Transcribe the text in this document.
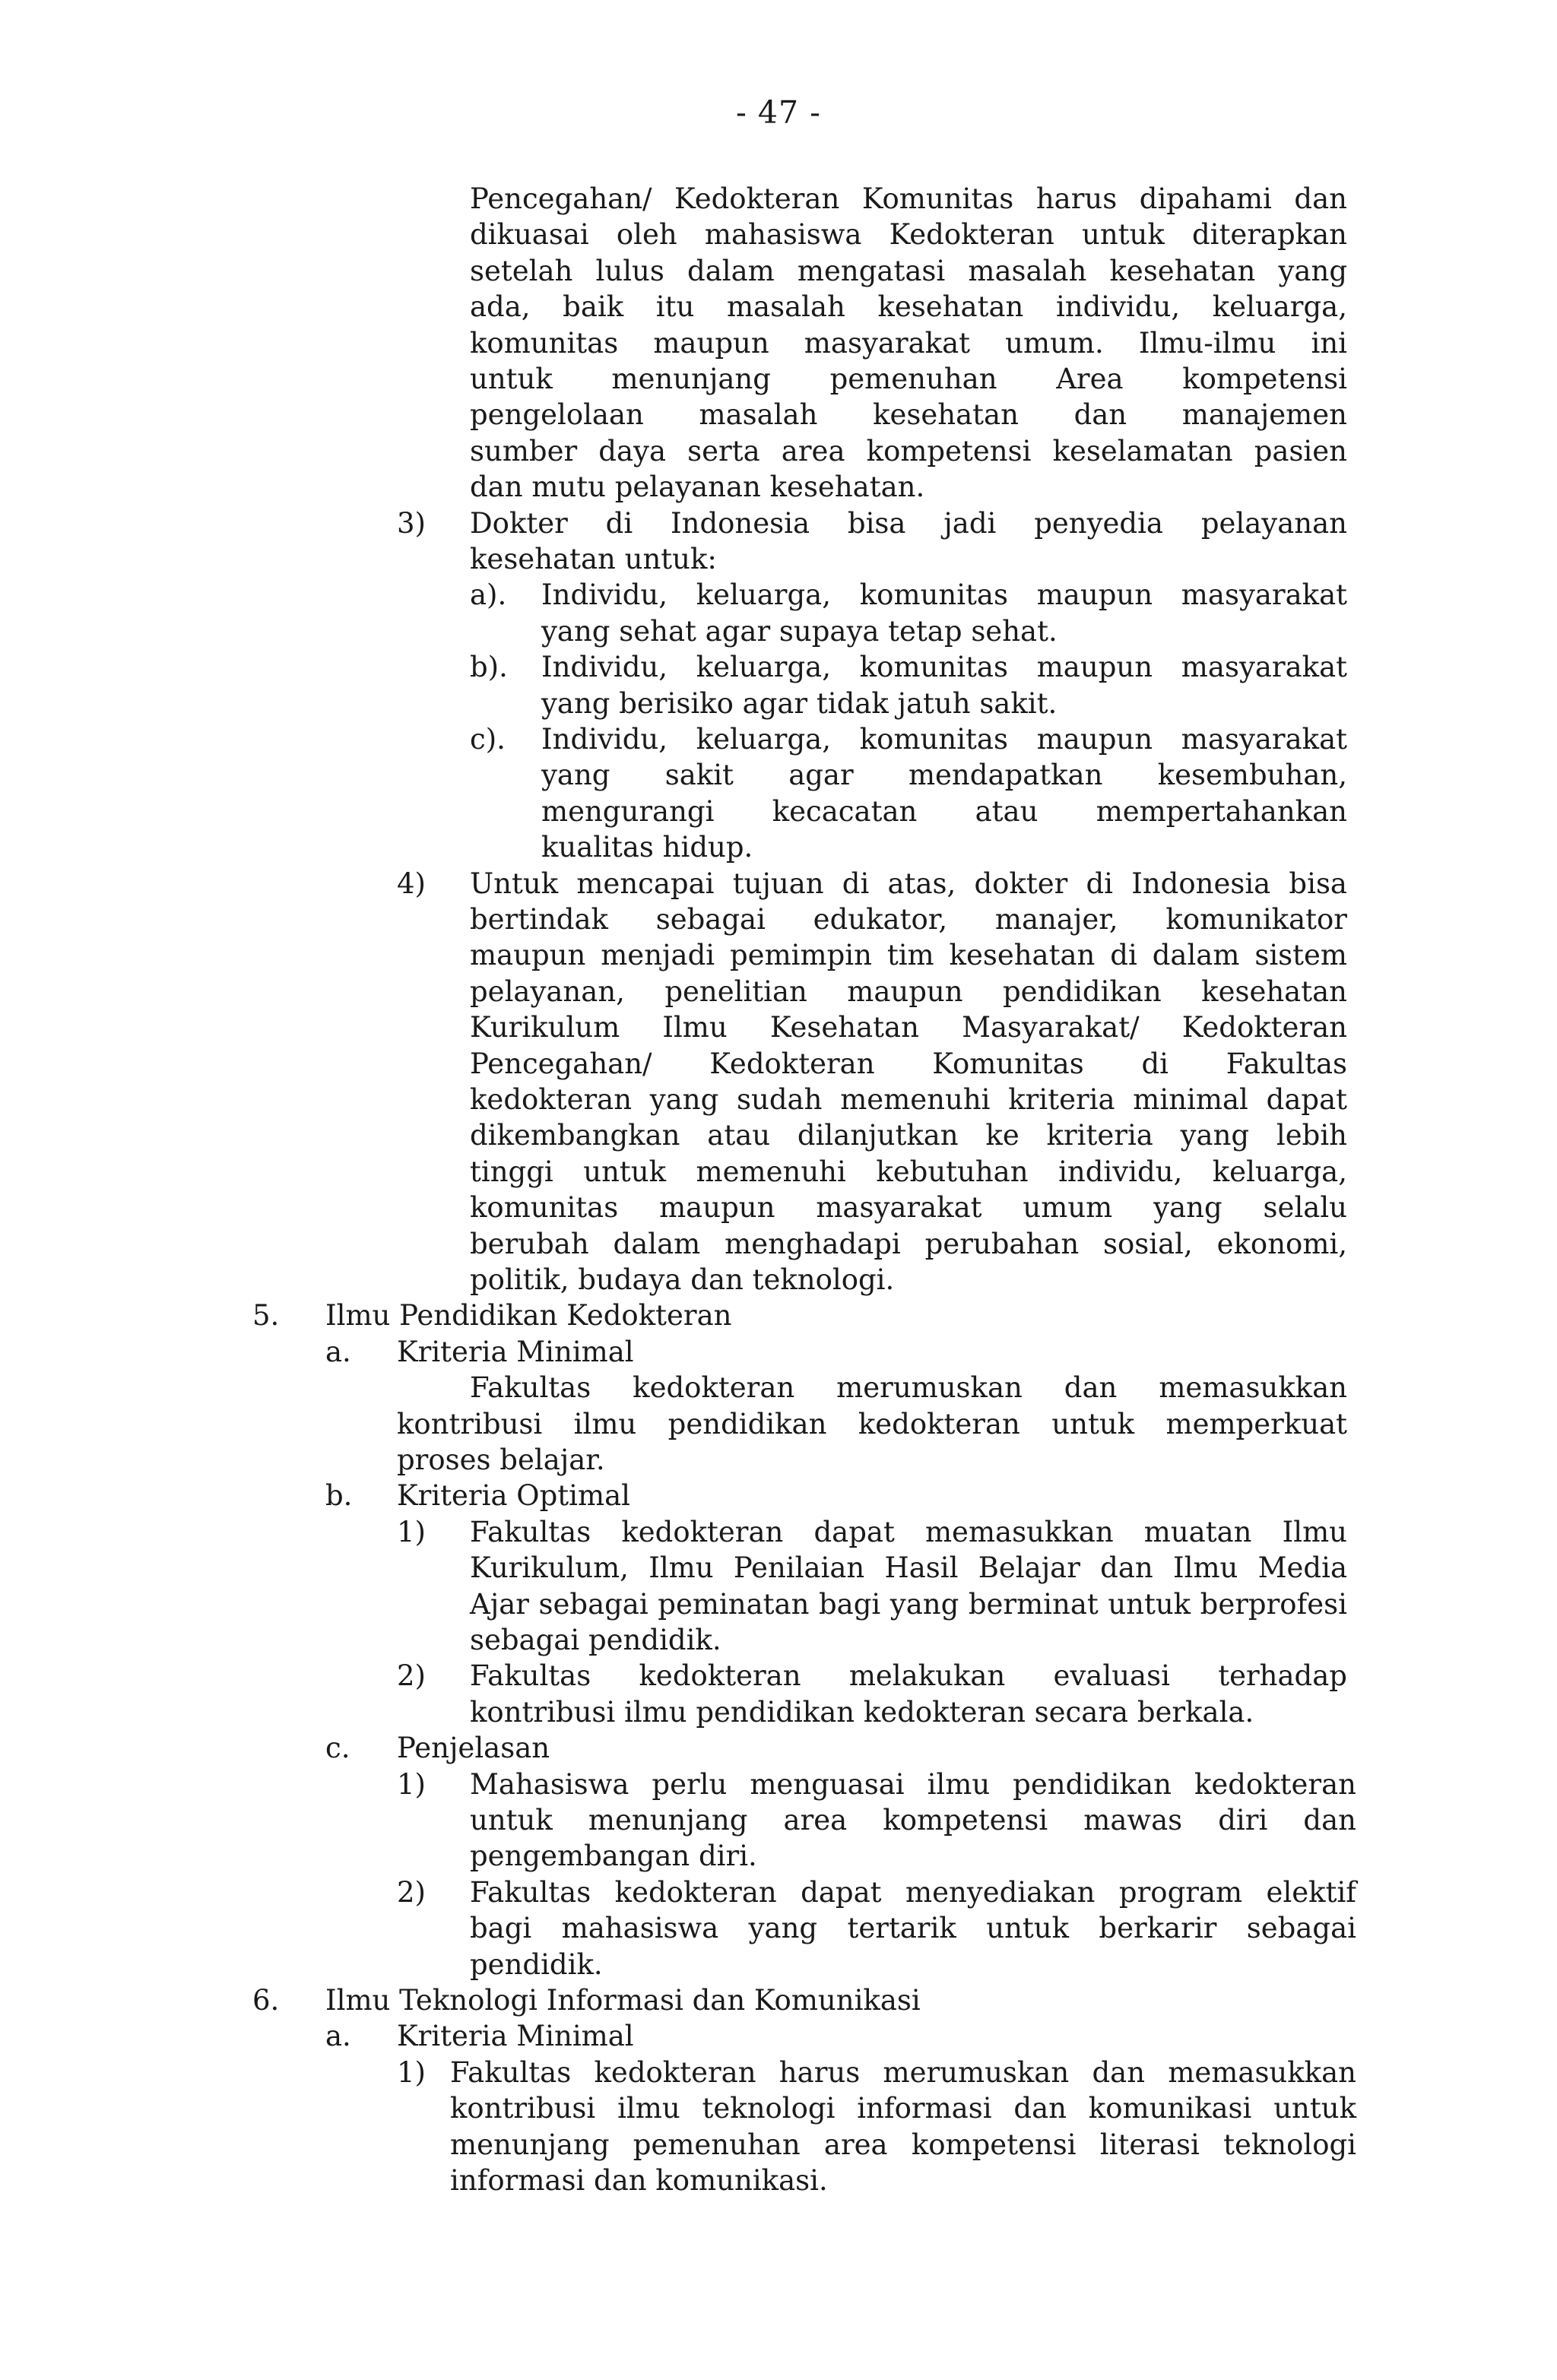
- 47 -
Pencegahan/ Kedokteran Komunitas harus dipahami dan
dikuasai oleh mahasiswa Kedokteran untuk diterapkan
setelah lulus dalam mengatasi masalah kesehatan yang
ada, baik itu masalah kesehatan individu, keluarga,
komunitas maupun masyarakat umum. Ilmu-ilmu ini
untuk menunjang pemenuhan Area kompetensi
pengelolaan masalah kesehatan dan manajemen
sumber daya serta area kompetensi keselamatan pasien
dan mutu pelayanan kesehatan.
3) Dokter di Indonesia bisa jadi penyedia pelayanan
kesehatan untuk:
a). Individu, keluarga, komunitas maupun masyarakat
yang sehat agar supaya tetap sehat.
b). Individu, keluarga, komunitas maupun masyarakat
yang berisiko agar tidak jatuh sakit.
c). Individu, keluarga, komunitas maupun masyarakat
yang sakit agar mendapatkan kesembuhan,
mengurangi kecacatan atau mempertahankan
kualitas hidup.
4) Untuk mencapai tujuan di atas, dokter di Indonesia bisa
bertindak sebagai edukator, manajer, komunikator
maupun menjadi pemimpin tim kesehatan di dalam sistem
pelayanan, penelitian maupun pendidikan kesehatan
Kurikulum Ilmu Kesehatan Masyarakat/ Kedokteran
Pencegahan/ Kedokteran Komunitas di Fakultas
kedokteran yang sudah memenuhi kriteria minimal dapat
dikembangkan atau dilanjutkan ke kriteria yang lebih
tinggi untuk memenuhi kebutuhan individu, keluarga,
komunitas maupun masyarakat umum yang selalu
berubah dalam menghadapi perubahan sosial, ekonomi,
politik, budaya dan teknologi.
5. Ilmu Pendidikan Kedokteran
a. Kriteria Minimal
Fakultas kedokteran merumuskan dan memasukkan
kontribusi ilmu pendidikan kedokteran untuk memperkuat
proses belajar.
b. Kriteria Optimal
1) Fakultas kedokteran dapat memasukkan muatan Ilmu
Kurikulum, Ilmu Penilaian Hasil Belajar dan Ilmu Media
Ajar sebagai peminatan bagi yang berminat untuk berprofesi
sebagai pendidik.
2) Fakultas kedokteran melakukan evaluasi terhadap
kontribusi ilmu pendidikan kedokteran secara berkala.
c. Penjelasan
1) Mahasiswa perlu menguasai ilmu pendidikan kedokteran
untuk menunjang area kompetensi mawas diri dan
pengembangan diri.
2) Fakultas kedokteran dapat menyediakan program elektif
bagi mahasiswa yang tertarik untuk berkarir sebagai
pendidik.
6. Ilmu Teknologi Informasi dan Komunikasi
a. Kriteria Minimal
1) Fakultas kedokteran harus merumuskan dan memasukkan
kontribusi ilmu teknologi informasi dan komunikasi untuk
menunjang pemenuhan area kompetensi literasi teknologi
informasi dan komunikasi.
